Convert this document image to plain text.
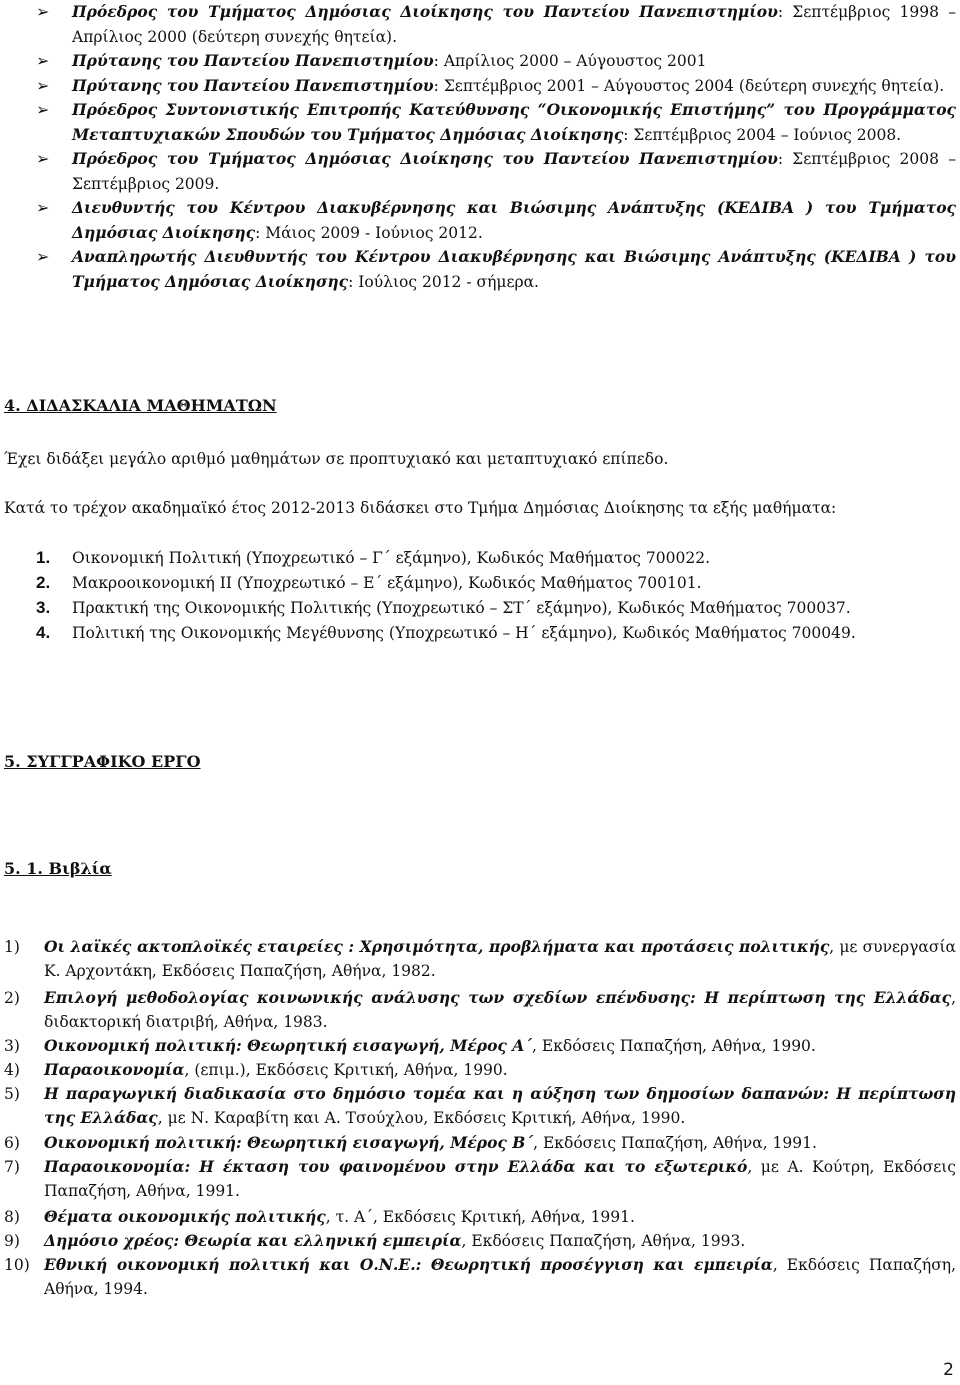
➢	Πρόεδρος του Τμήματος Δημόσιας Διοίκησης του Παντείου Πανεπιστημίου: Σεπτέμβριος 1998 – Απρίλιος 2000 (δεύτερη συνεχής θητεία).
➢	Πρύτανης του Παντείου Πανεπιστημίου: Απρίλιος 2000 – Αύγουστος 2001
➢	Πρύτανης του Παντείου Πανεπιστημίου: Σεπτέμβριος 2001 – Αύγουστος 2004 (δεύτερη συνεχής θητεία).
➢	Πρόεδρος Συντονιστικής Επιτροπής Κατεύθυνσης “Οικονομικής Επιστήμης” του Προγράμματος Μεταπτυχιακών Σπουδών του Τμήματος Δημόσιας Διοίκησης: Σεπτέμβριος 2004 – Ιούνιος 2008.
➢	Πρόεδρος του Τμήματος Δημόσιας Διοίκησης του Παντείου Πανεπιστημίου: Σεπτέμβριος 2008 – Σεπτέμβριος 2009.
➢	Διευθυντής του Κέντρου Διακυβέρνησης και Βιώσιμης Ανάπτυξης (ΚΕΔΙΒΑ ) του Τμήματος Δημόσιας Διοίκησης: Μάιος 2009 - Ιούνιος 2012.
➢	Αναπληρωτής Διευθυντής του Κέντρου Διακυβέρνησης και Βιώσιμης Ανάπτυξης (ΚΕΔΙΒΑ ) του Τμήματος Δημόσιας Διοίκησης: Ιούλιος 2012 - σήμερα.
4. ΔΙΔΑΣΚΑΛΙΑ ΜΑΘΗΜΑΤΩΝ

Έχει διδάξει μεγάλο αριθμό μαθημάτων σε προπτυχιακό και μεταπτυχιακό επίπεδο.

Κατά το τρέχον ακαδημαϊκό έτος 2012-2013 διδάσκει στο Τμήμα Δημόσιας Διοίκησης τα εξής μαθήματα:

1. Οικονομική Πολιτική (Υποχρεωτικό – Γ΄ εξάμηνο), Κωδικός Μαθήματος 700022.
2. Μακροοικονομική ΙΙ (Υποχρεωτικό – Ε΄ εξάμηνο), Κωδικός Μαθήματος 700101.
3. Πρακτική της Οικονομικής Πολιτικής (Υποχρεωτικό – ΣΤ΄ εξάμηνο), Κωδικός Μαθήματος 700037.
4. Πολιτική της Οικονομικής Μεγέθυνσης (Υποχρεωτικό – Η΄ εξάμηνο), Κωδικός Μαθήματος 700049.
5. ΣΥΓΓΡΑΦΙΚΟ ΕΡΓΟ
5. 1. Βιβλία
1) Οι λαϊκές ακτοπλοϊκές εταιρείες : Χρησιμότητα, προβλήματα και προτάσεις πολιτικής, με συνεργασία Κ. Αρχοντάκη, Εκδόσεις Παπαζήση, Αθήνα, 1982.
2) Επιλογή μεθοδολογίας κοινωνικής ανάλυσης των σχεδίων επένδυσης: Η περίπτωση της Ελλάδας, διδακτορική διατριβή, Αθήνα, 1983.
3) Οικονομική πολιτική: Θεωρητική εισαγωγή, Μέρος Α΄, Εκδόσεις Παπαζήση, Αθήνα, 1990.
4) Παραοικονομία, (επιμ.), Εκδόσεις Κριτική, Αθήνα, 1990.
5) Η παραγωγική διαδικασία στο δημόσιο τομέα και η αύξηση των δημοσίων δαπανών: Η περίπτωση της Ελλάδας, με Ν. Καραβίτη και Α. Τσούχλου, Εκδόσεις Κριτική, Αθήνα, 1990.
6) Οικονομική πολιτική: Θεωρητική εισαγωγή, Μέρος Β΄, Εκδόσεις Παπαζήση, Αθήνα, 1991.
7) Παραοικονομία: Η έκταση του φαινομένου στην Ελλάδα και το εξωτερικό, με Α. Κούτρη, Εκδόσεις Παπαζήση, Αθήνα, 1991.
8) Θέματα οικονομικής πολιτικής, τ. Α΄, Εκδόσεις Κριτική, Αθήνα, 1991.
9) Δημόσιο χρέος: Θεωρία και ελληνική εμπειρία, Εκδόσεις Παπαζήση, Αθήνα, 1993.
10) Εθνική οικονομική πολιτική και Ο.Ν.Ε.: Θεωρητική προσέγγιση και εμπειρία, Εκδόσεις Παπαζήση, Αθήνα, 1994.
2
